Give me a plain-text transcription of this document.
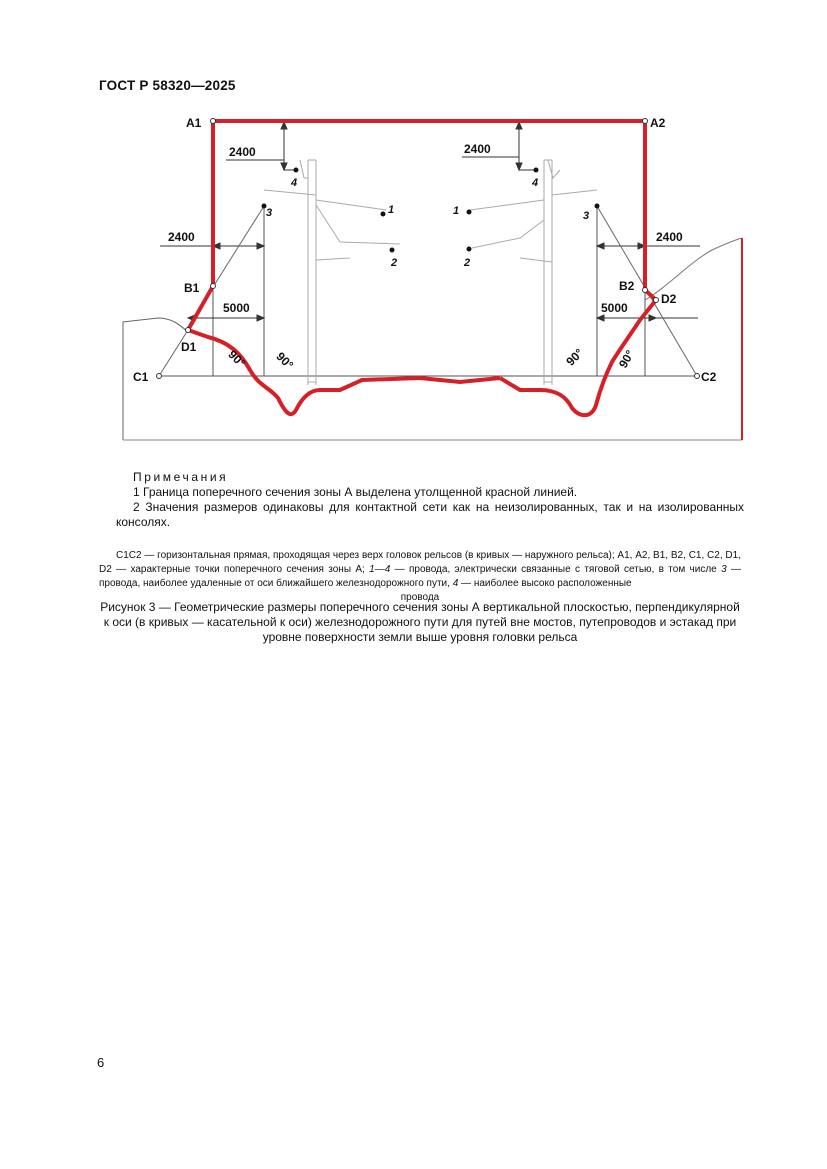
ГОСТ Р 58320—2025
A1	A2
B1	B2
C1	C2
D1
D2
2400	2400
2400	2400
5000	5000
90° 90°	90° 90°
4
3	1
2
4
3
1
2
Примечания
1 Граница поперечного сечения зоны А выделена утолщенной красной линией.
2 Значения размеров одинаковы для контактной сети как на неизолированных, так и на изолированных консолях.
С1С2 — горизонтальная прямая, проходящая через верх головок рельсов (в кривых — наружного рельса); А1, А2, В1, В2, С1, С2, D1, D2 — характерные точки поперечного сечения зоны А; 1—4 — провода, электрически связанные с тяговой сетью, в том числе 3 — провода, наиболее удаленные от оси ближайшего железнодорожного пути, 4 — наиболее высоко расположенные
провода
Рисунок 3 — Геометрические размеры поперечного сечения зоны А вертикальной плоскостью, перпендикулярной к оси (в кривых — касательной к оси) железнодорожного пути для путей вне мостов, путепроводов и эстакад при уровне поверхности земли выше уровня головки рельса
6
